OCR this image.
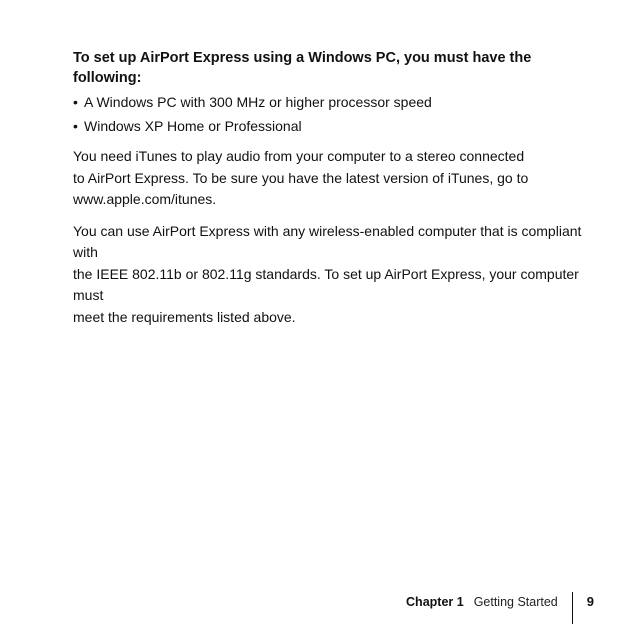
To set up AirPort Express using a Windows PC, you must have the following:
• A Windows PC with 300 MHz or higher processor speed
• Windows XP Home or Professional

You need iTunes to play audio from your computer to a stereo connected
to AirPort Express. To be sure you have the latest version of iTunes, go to
www.apple.com/itunes.

You can use AirPort Express with any wireless-enabled computer that is compliant with
the IEEE 802.11b or 802.11g standards. To set up AirPort Express, your computer must
meet the requirements listed above.

Chapter 1 Getting Started 9
